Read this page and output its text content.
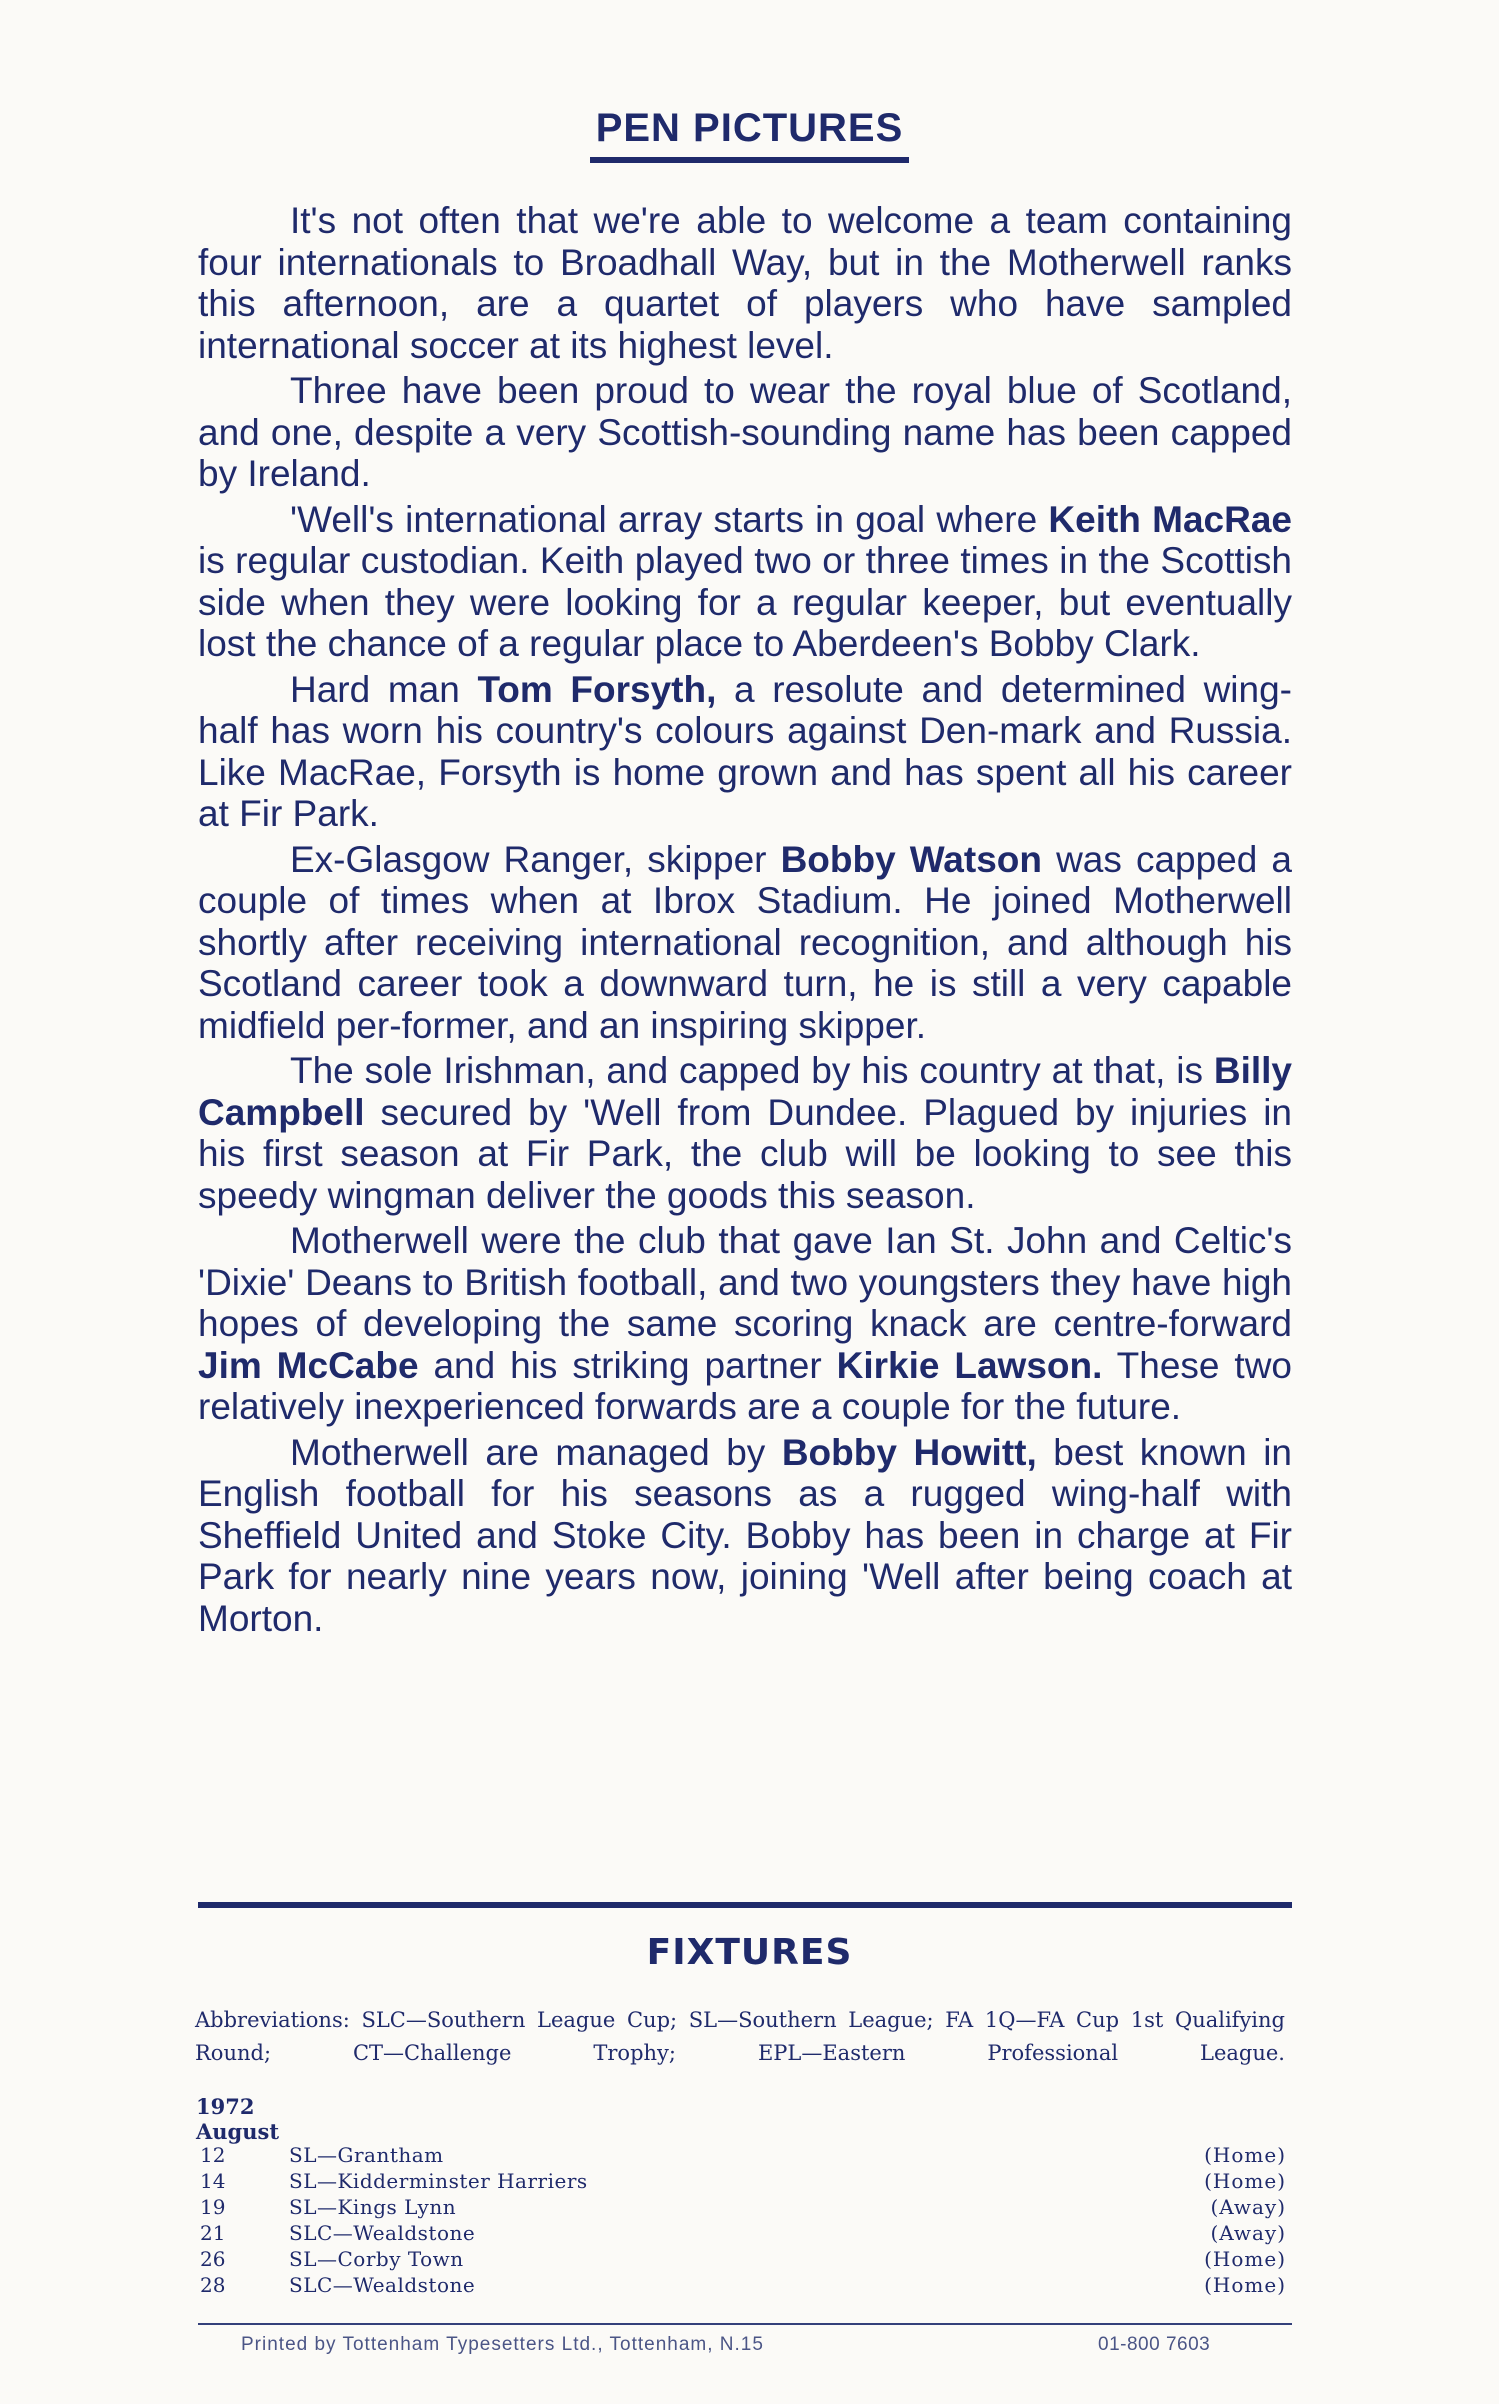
PEN PICTURES

It's not often that we're able to welcome a team containing four internationals to Broadhall Way, but in the Motherwell ranks this afternoon, are a quartet of players who have sampled international soccer at its highest level.

Three have been proud to wear the royal blue of Scotland, and one, despite a very Scottish-sounding name has been capped by Ireland.

'Well's international array starts in goal where Keith MacRae is regular custodian. Keith played two or three times in the Scottish side when they were looking for a regular keeper, but eventually lost the chance of a regular place to Aberdeen's Bobby Clark.

Hard man Tom Forsyth, a resolute and determined wing-half has worn his country's colours against Den-mark and Russia. Like MacRae, Forsyth is home grown and has spent all his career at Fir Park.

Ex-Glasgow Ranger, skipper Bobby Watson was capped a couple of times when at Ibrox Stadium. He joined Motherwell shortly after receiving international recognition, and although his Scotland career took a downward turn, he is still a very capable midfield per-former, and an inspiring skipper.

The sole Irishman, and capped by his country at that, is Billy Campbell secured by 'Well from Dundee. Plagued by injuries in his first season at Fir Park, the club will be looking to see this speedy wingman deliver the goods this season.

Motherwell were the club that gave Ian St. John and Celtic's 'Dixie' Deans to British football, and two youngsters they have high hopes of developing the same scoring knack are centre-forward Jim McCabe and his striking partner Kirkie Lawson. These two relatively inexperienced forwards are a couple for the future.

Motherwell are managed by Bobby Howitt, best known in English football for his seasons as a rugged wing-half with Sheffield United and Stoke City. Bobby has been in charge at Fir Park for nearly nine years now, joining 'Well after being coach at Morton.

FIXTURES
Abbreviations: SLC—Southern League Cup; SL—Southern League; FA 1Q—FA Cup 1st Qualifying Round; CT—Challenge Trophy; EPL—Eastern Professional League.
1972
August
12	SL—Grantham	(Home)
14	SL—Kidderminster Harriers	(Home)
19	SL—Kings Lynn	(Away)
21	SLC—Wealdstone	(Away)
26	SL—Corby Town	(Home)
28	SLC—Wealdstone	(Home)
Printed by Tottenham Typesetters Ltd., Tottenham, N.15	01-800 7603
